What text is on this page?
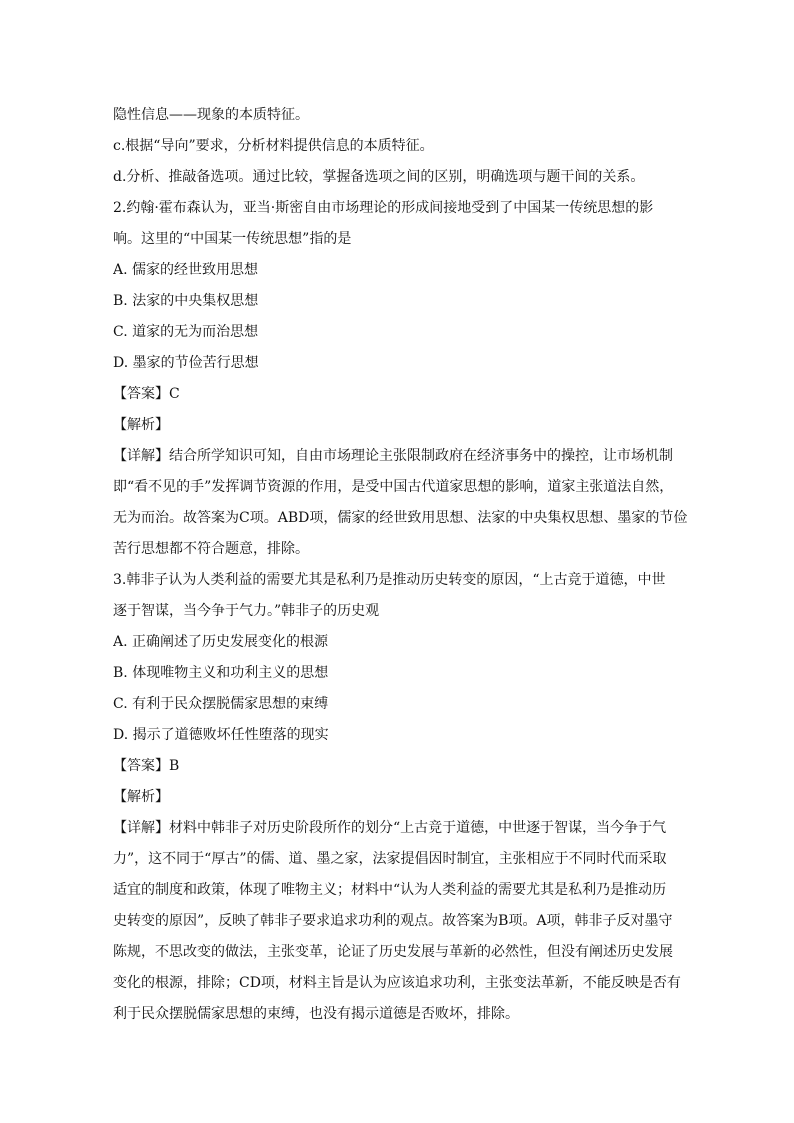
隐性信息——现象的本质特征。
c.根据“导向”要求，分析材料提供信息的本质特征。
d.分析、推敲备选项。通过比较，掌握备选项之间的区别，明确选项与题干间的关系。
2.约翰·霍布森认为，亚当·斯密自由市场理论的形成间接地受到了中国某一传统思想的影
响。这里的“中国某一传统思想”指的是
A. 儒家的经世致用思想
B. 法家的中央集权思想
C. 道家的无为而治思想
D. 墨家的节俭苦行思想
【答案】C
【解析】
【详解】结合所学知识可知，自由市场理论主张限制政府在经济事务中的操控，让市场机制
即“看不见的手”发挥调节资源的作用，是受中国古代道家思想的影响，道家主张道法自然，
无为而治。故答案为C项。ABD项，儒家的经世致用思想、法家的中央集权思想、墨家的节俭
苦行思想都不符合题意，排除。
3.韩非子认为人类利益的需要尤其是私利乃是推动历史转变的原因，“上古竞于道德，中世
逐于智谋，当今争于气力。”韩非子的历史观
A. 正确阐述了历史发展变化的根源
B. 体现唯物主义和功利主义的思想
C. 有利于民众摆脱儒家思想的束缚
D. 揭示了道德败坏任性堕落的现实
【答案】B
【解析】
【详解】材料中韩非子对历史阶段所作的划分“上古竞于道德，中世逐于智谋，当今争于气
力”，这不同于“厚古”的儒、道、墨之家，法家提倡因时制宜，主张相应于不同时代而采取
适宜的制度和政策，体现了唯物主义；材料中“认为人类利益的需要尤其是私利乃是推动历
史转变的原因”，反映了韩非子要求追求功利的观点。故答案为B项。A项，韩非子反对墨守
陈规，不思改变的做法，主张变革，论证了历史发展与革新的必然性，但没有阐述历史发展
变化的根源，排除；CD项，材料主旨是认为应该追求功利，主张变法革新，不能反映是否有
利于民众摆脱儒家思想的束缚，也没有揭示道德是否败坏，排除。
